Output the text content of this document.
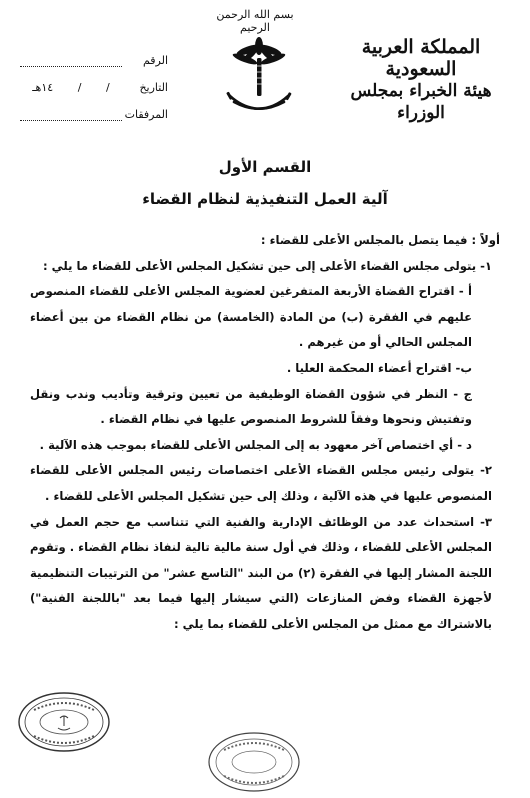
المملكة العربية السعودية
هيئة الخبراء بمجلس الوزراء
بسم الله الرحمن الرحيم
الرقم
التاريخ
/
/
١٤هـ
المرفقات
القسم الأول
آلية العمل التنفيذية لنظام القضاء

أولاً : فيما يتصل بالمجلس الأعلى للقضاء :

١- يتولى مجلس القضاء الأعلى إلى حين تشكيل المجلس الأعلى للقضاء ما يلي :

أ - اقتراح القضاة الأربعة المتفرغين لعضوية المجلس الأعلى للقضاء المنصوص عليهم في الفقرة (ب) من المادة (الخامسة) من نظام القضاء من بين أعضاء المجلس الحالي أو من غيرهم .

ب- اقتراح أعضاء المحكمة العليا .

ج - النظر في شؤون القضاة الوظيفية من تعيين وترقية وتأديب وندب ونقل وتفتيش ونحوها وفقاً للشروط المنصوص عليها في نظام القضاء .

د - أي اختصاص آخر معهود به إلى المجلس الأعلى للقضاء بموجب هذه الآلية .

٢- يتولى رئيس مجلس القضاء الأعلى اختصاصات رئيس المجلس الأعلى للقضاء المنصوص عليها في هذه الآلية ، وذلك إلى حين تشكيل المجلس الأعلى للقضاء .

٣- استحداث عدد من الوظائف الإدارية والفنية التي تتناسب مع حجم العمل في المجلس الأعلى للقضاء ، وذلك في أول سنة مالية تالية لنفاذ نظام القضاء . وتقوم اللجنة المشار إليها في الفقرة (٢) من البند "التاسع عشر" من الترتيبات التنظيمية لأجهزة القضاء وفض المنازعات (التي سيشار إليها فيما بعد "باللجنة الفنية") بالاشتراك مع ممثل من المجلس الأعلى للقضاء بما يلي :
